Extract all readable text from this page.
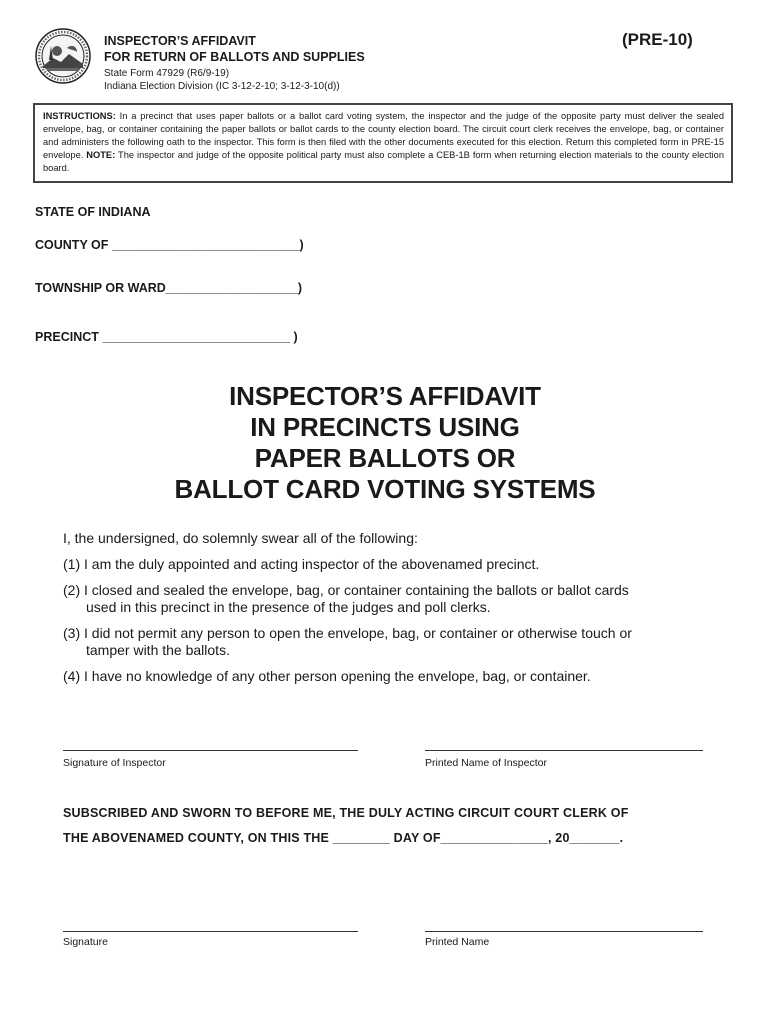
INSPECTOR’S AFFIDAVIT
FOR RETURN OF BALLOTS AND SUPPLIES
State Form 47929 (R6/9-19)
Indiana Election Division (IC 3-12-2-10; 3-12-3-10(d))
(PRE-10)
INSTRUCTIONS: In a precinct that uses paper ballots or a ballot card voting system, the inspector and the judge of the opposite party must deliver the sealed envelope, bag, or container containing the paper ballots or ballot cards to the county election board. The circuit court clerk receives the envelope, bag, or container and administers the following oath to the inspector. This form is then filed with the other documents executed for this election. Return this completed form in PRE-15 envelope. NOTE: The inspector and judge of the opposite political party must also complete a CEB-1B form when returning election materials to the county election board.
STATE OF INDIANA
COUNTY OF ___________________________)
TOWNSHIP OR WARD___________________)
PRECINCT ___________________________ )
INSPECTOR’S AFFIDAVIT
IN PRECINCTS USING
PAPER BALLOTS OR
BALLOT CARD VOTING SYSTEMS
I, the undersigned, do solemnly swear all of the following:
(1) I am the duly appointed and acting inspector of the abovenamed precinct.
(2) I closed and sealed the envelope, bag, or container containing the ballots or ballot cards
used in this precinct in the presence of the judges and poll clerks.
(3) I did not permit any person to open the envelope, bag, or container or otherwise touch or
tamper with the ballots.
(4) I have no knowledge of any other person opening the envelope, bag, or container.
Signature of Inspector	Printed Name of Inspector
SUBSCRIBED AND SWORN TO BEFORE ME, THE DULY ACTING CIRCUIT COURT CLERK OF
THE ABOVENAMED COUNTY, ON THIS THE ________ DAY OF_______________, 20_______.
Signature	Printed Name
